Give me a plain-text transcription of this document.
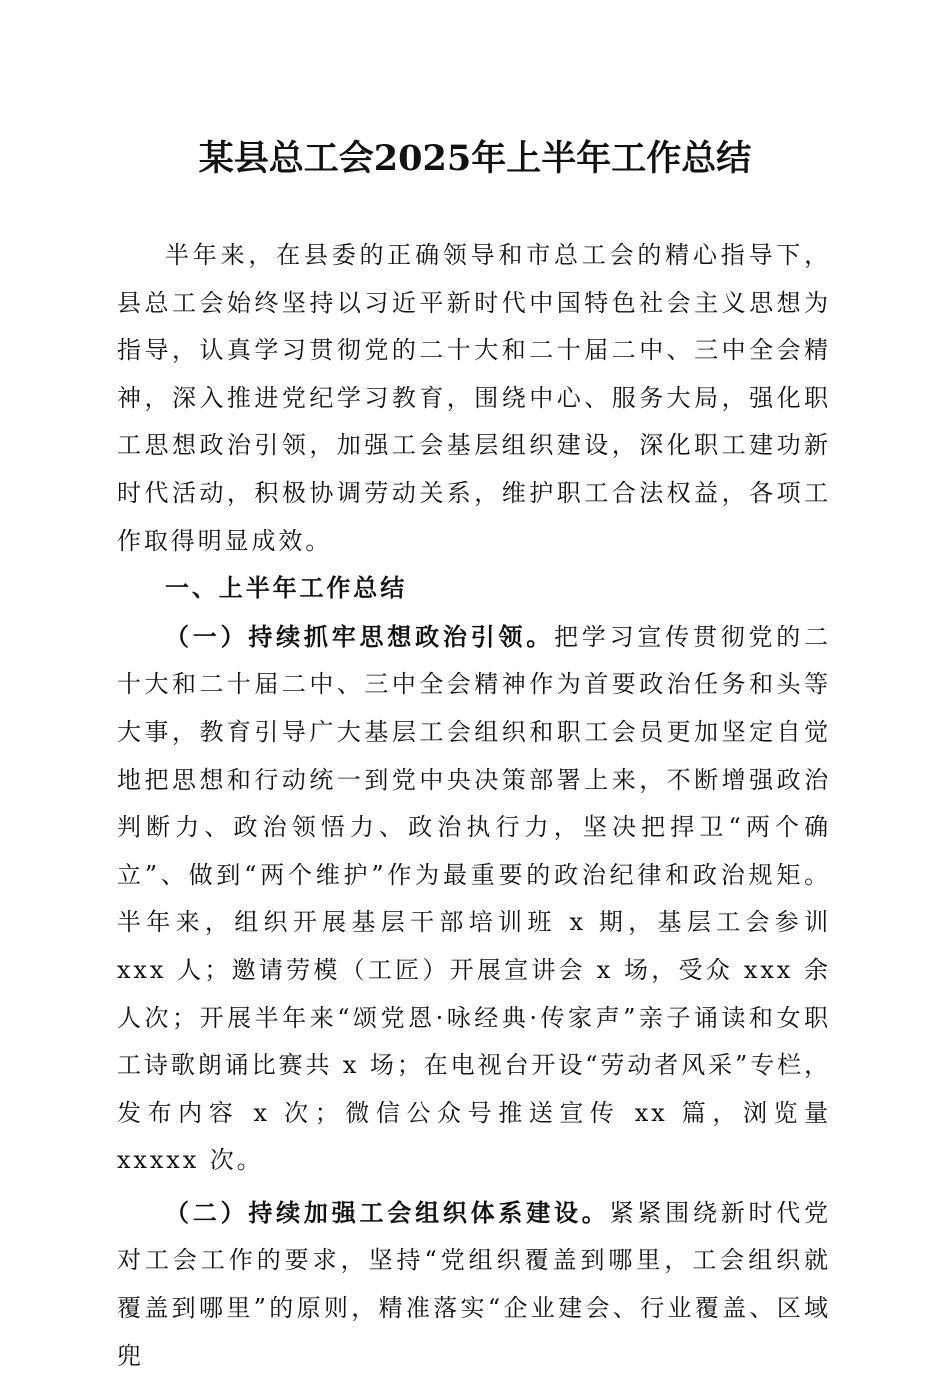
某县总工会2025年上半年工作总结

半年来，在县委的正确领导和市总工会的精心指导下，县总工会始终坚持以习近平新时代中国特色社会主义思想为指导，认真学习贯彻党的二十大和二十届二中、三中全会精神，深入推进党纪学习教育，围绕中心、服务大局，强化职工思想政治引领，加强工会基层组织建设，深化职工建功新时代活动，积极协调劳动关系，维护职工合法权益，各项工作取得明显成效。

一、上半年工作总结

（一）持续抓牢思想政治引领。把学习宣传贯彻党的二十大和二十届二中、三中全会精神作为首要政治任务和头等大事，教育引导广大基层工会组织和职工会员更加坚定自觉地把思想和行动统一到党中央决策部署上来，不断增强政治判断力、政治领悟力、政治执行力，坚决把捍卫“两个确立”、做到“两个维护”作为最重要的政治纪律和政治规矩。半年来，组织开展基层干部培训班 x 期，基层工会参训 xxx 人；邀请劳模（工匠）开展宣讲会 x 场，受众 xxx 余人次；开展半年来“颂党恩·咏经典·传家声”亲子诵读和女职工诗歌朗诵比赛共 x 场；在电视台开设“劳动者风采”专栏，发布内容 x 次；微信公众号推送宣传 xx 篇，浏览量 xxxxx 次。

（二）持续加强工会组织体系建设。紧紧围绕新时代党对工会工作的要求，坚持“党组织覆盖到哪里，工会组织就覆盖到哪里”的原则，精准落实“企业建会、行业覆盖、区域兜
